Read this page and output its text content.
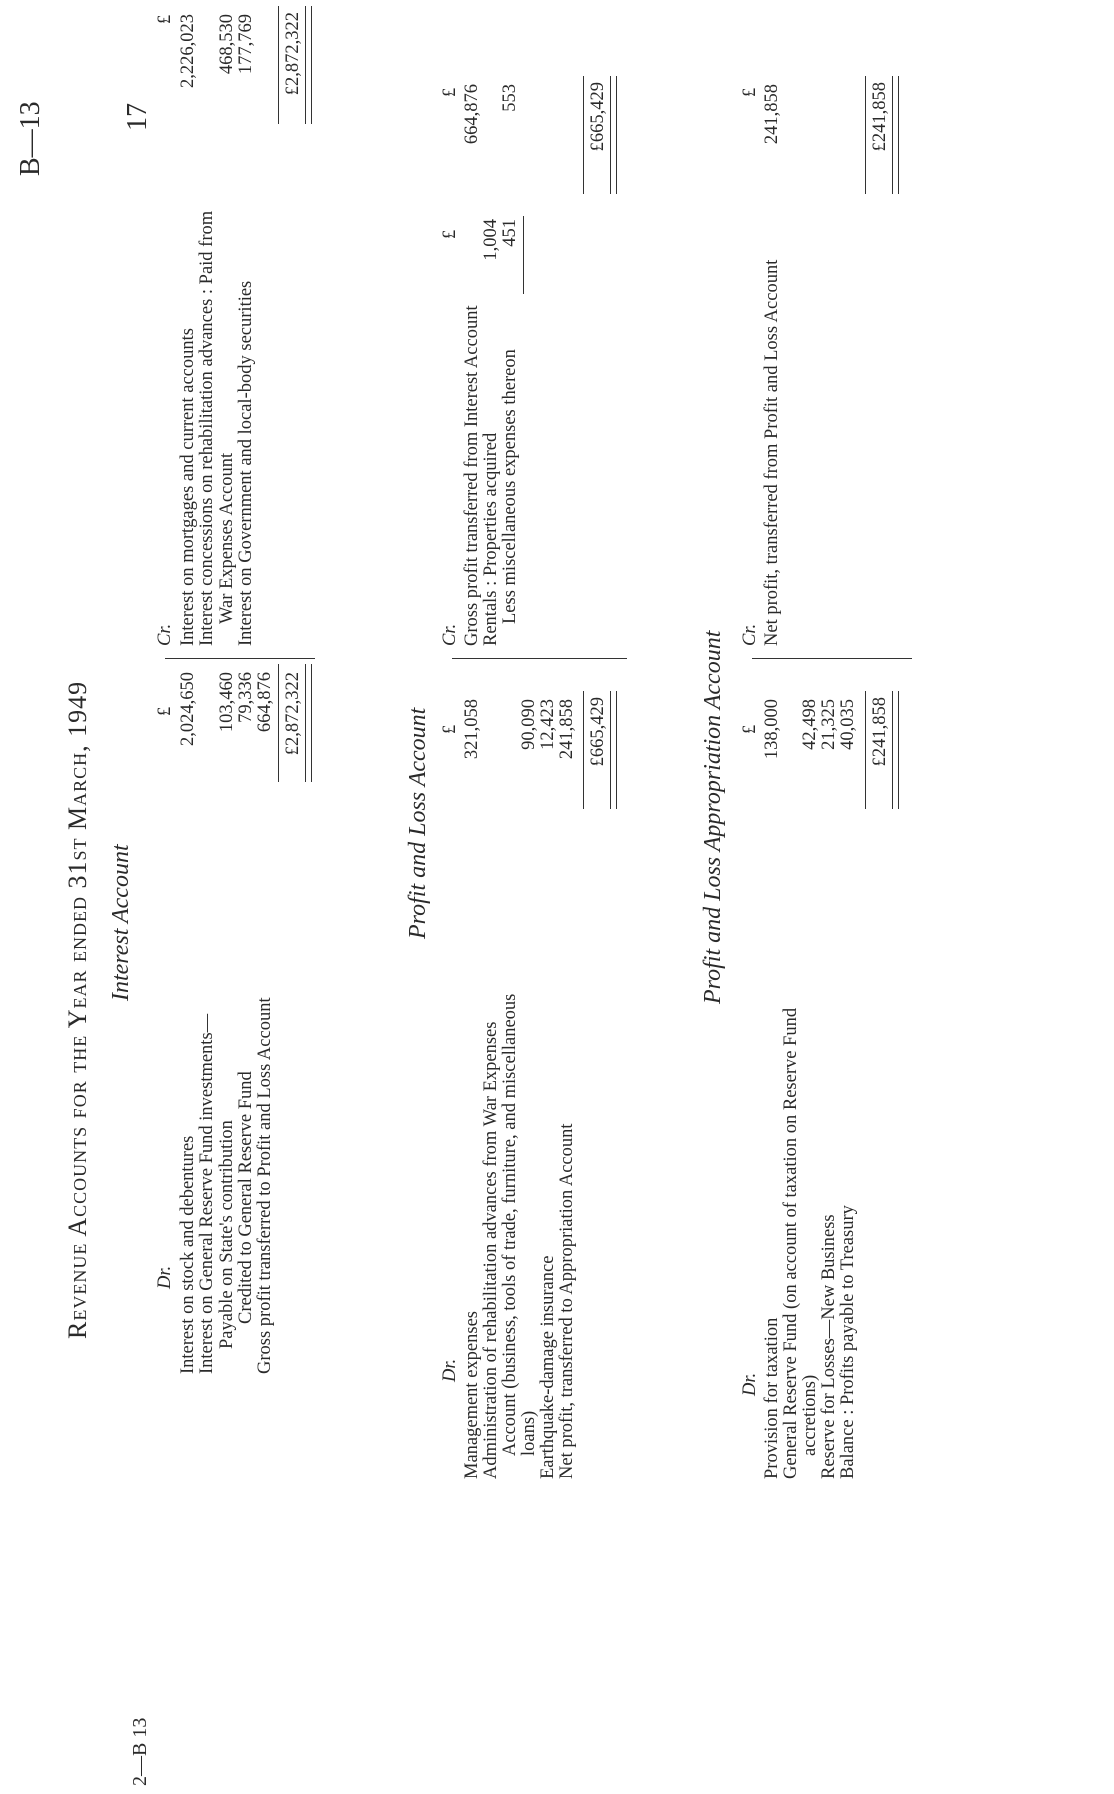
17
B—13
2—B 13
Revenue Accounts for the Year ended 31st March, 1949 Interest Account
Dr.
£
Cr.
£
Interest on stock and debentures
2,024,650
Interest on General Reserve Fund investments— Payable on State's contribution
103,460
Credited to General Reserve Fund
79,336
Gross profit transferred to Profit and Loss Account
664,876 £2,872,322
Interest on mortgages and current accounts
2,226,023
Interest concessions on rehabilitation advances : Paid from War Expenses Account
468,530
Interest on Government and local-body securities
177,769 £2,872,322
Profit and Loss Account
Dr.
£
Cr.
£
£
Management expenses
321,058
Administration of rehabilitation advances from War Expenses Account (business, tools of trade, furniture, and miscellaneous loans)
90,090
Earthquake-damage insurance
12,423
Net profit, transferred to Appropriation Account
241,858 £665,429
Gross profit transferred from Interest Account
664,876
Rentals : Properties acquired
1,004
Less miscellaneous expenses thereon
451
553	£665,429
Profit and Loss Appropriation Account
Dr.
£
Cr.
£
Provision for taxation
138,000
General Reserve Fund (on account of taxation on Reserve Fund accretions)
42,498
Reserve for Losses—New Business
21,325
Balance : Profits payable to Treasury
40,035 £241,858
Net profit, transferred from Profit and Loss Account
241,858	£241,858
